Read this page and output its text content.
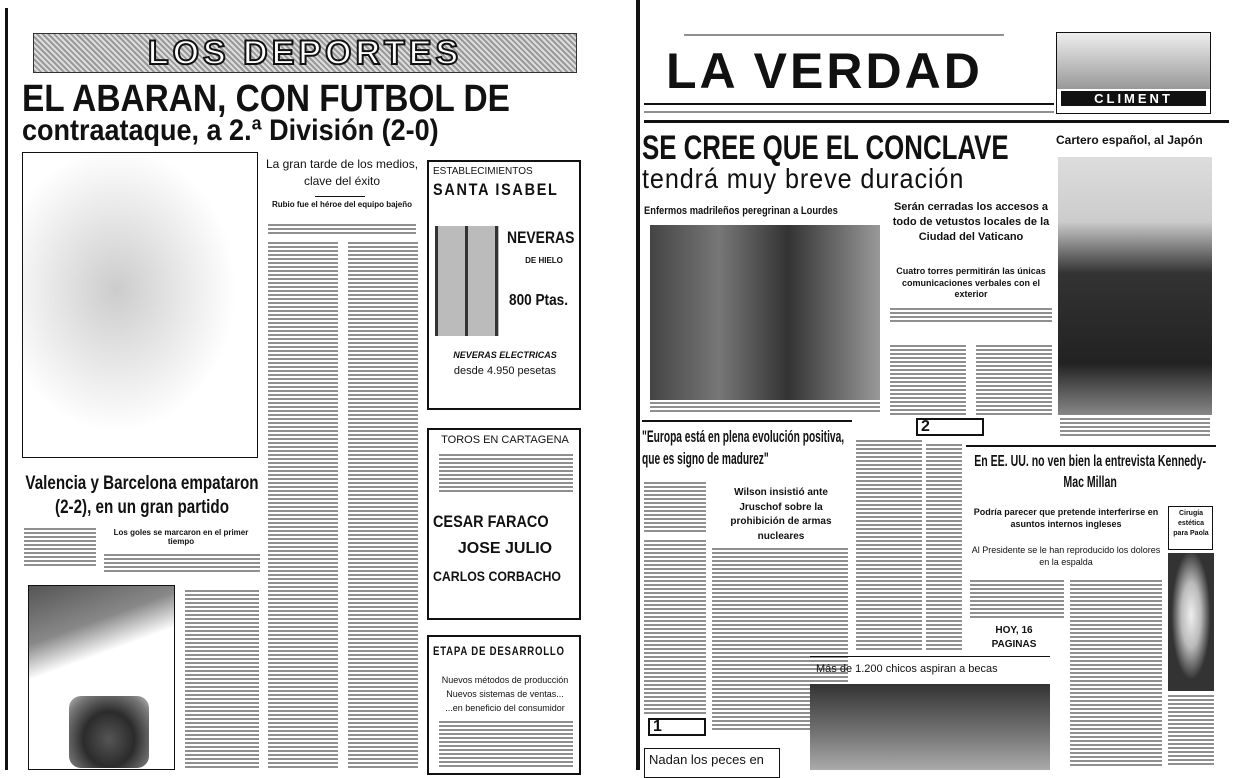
LOS DEPORTES
EL ABARAN, CON FUTBOL DE
contraataque, a 2.ª División (2-0)
La gran tarde de los medios, clave del éxito
Rubio fue el héroe del equipo bajeño
ESTABLECIMIENTOS
SANTA ISABEL
NEVERAS
DE HIELO
800 Ptas.
NEVERAS ELECTRICAS
desde 4.950 pesetas
TOROS EN CARTAGENA
CESAR FARACO
JOSE JULIO
CARLOS CORBACHO
ETAPA DE DESARROLLO
Nuevos métodos de producción
Nuevos sistemas de ventas...
...en beneficio del consumidor
Valencia y Barcelona empataron (2-2), en un gran partido
Los goles se marcaron en el primer tiempo
LA VERDAD	CLIMENT
SE CREE QUE EL CONCLAVE
tendrá muy breve duración
Cartero español, al Japón
Enfermos madrileños peregrinan a Lourdes	Serán cerradas los accesos a todo de vetustos locales de la Ciudad del Vaticano
Cuatro torres permitirán las únicas comunicaciones verbales con el exterior
2
"Europa está en plena evolución positiva, que es signo de madurez"
1
Wilson insistió ante Jruschof sobre la prohibición de armas nucleares
En EE. UU. no ven bien la entrevista Kennedy-Mac Millan
Podría parecer que pretende interferirse en asuntos internos ingleses
Al Presidente se le han reproducido los dolores en la espalda
HOY, 16 PAGINAS
Cirugía estética para Paola
Más de 1.200 chicos aspiran a becas
Nadan los peces en
